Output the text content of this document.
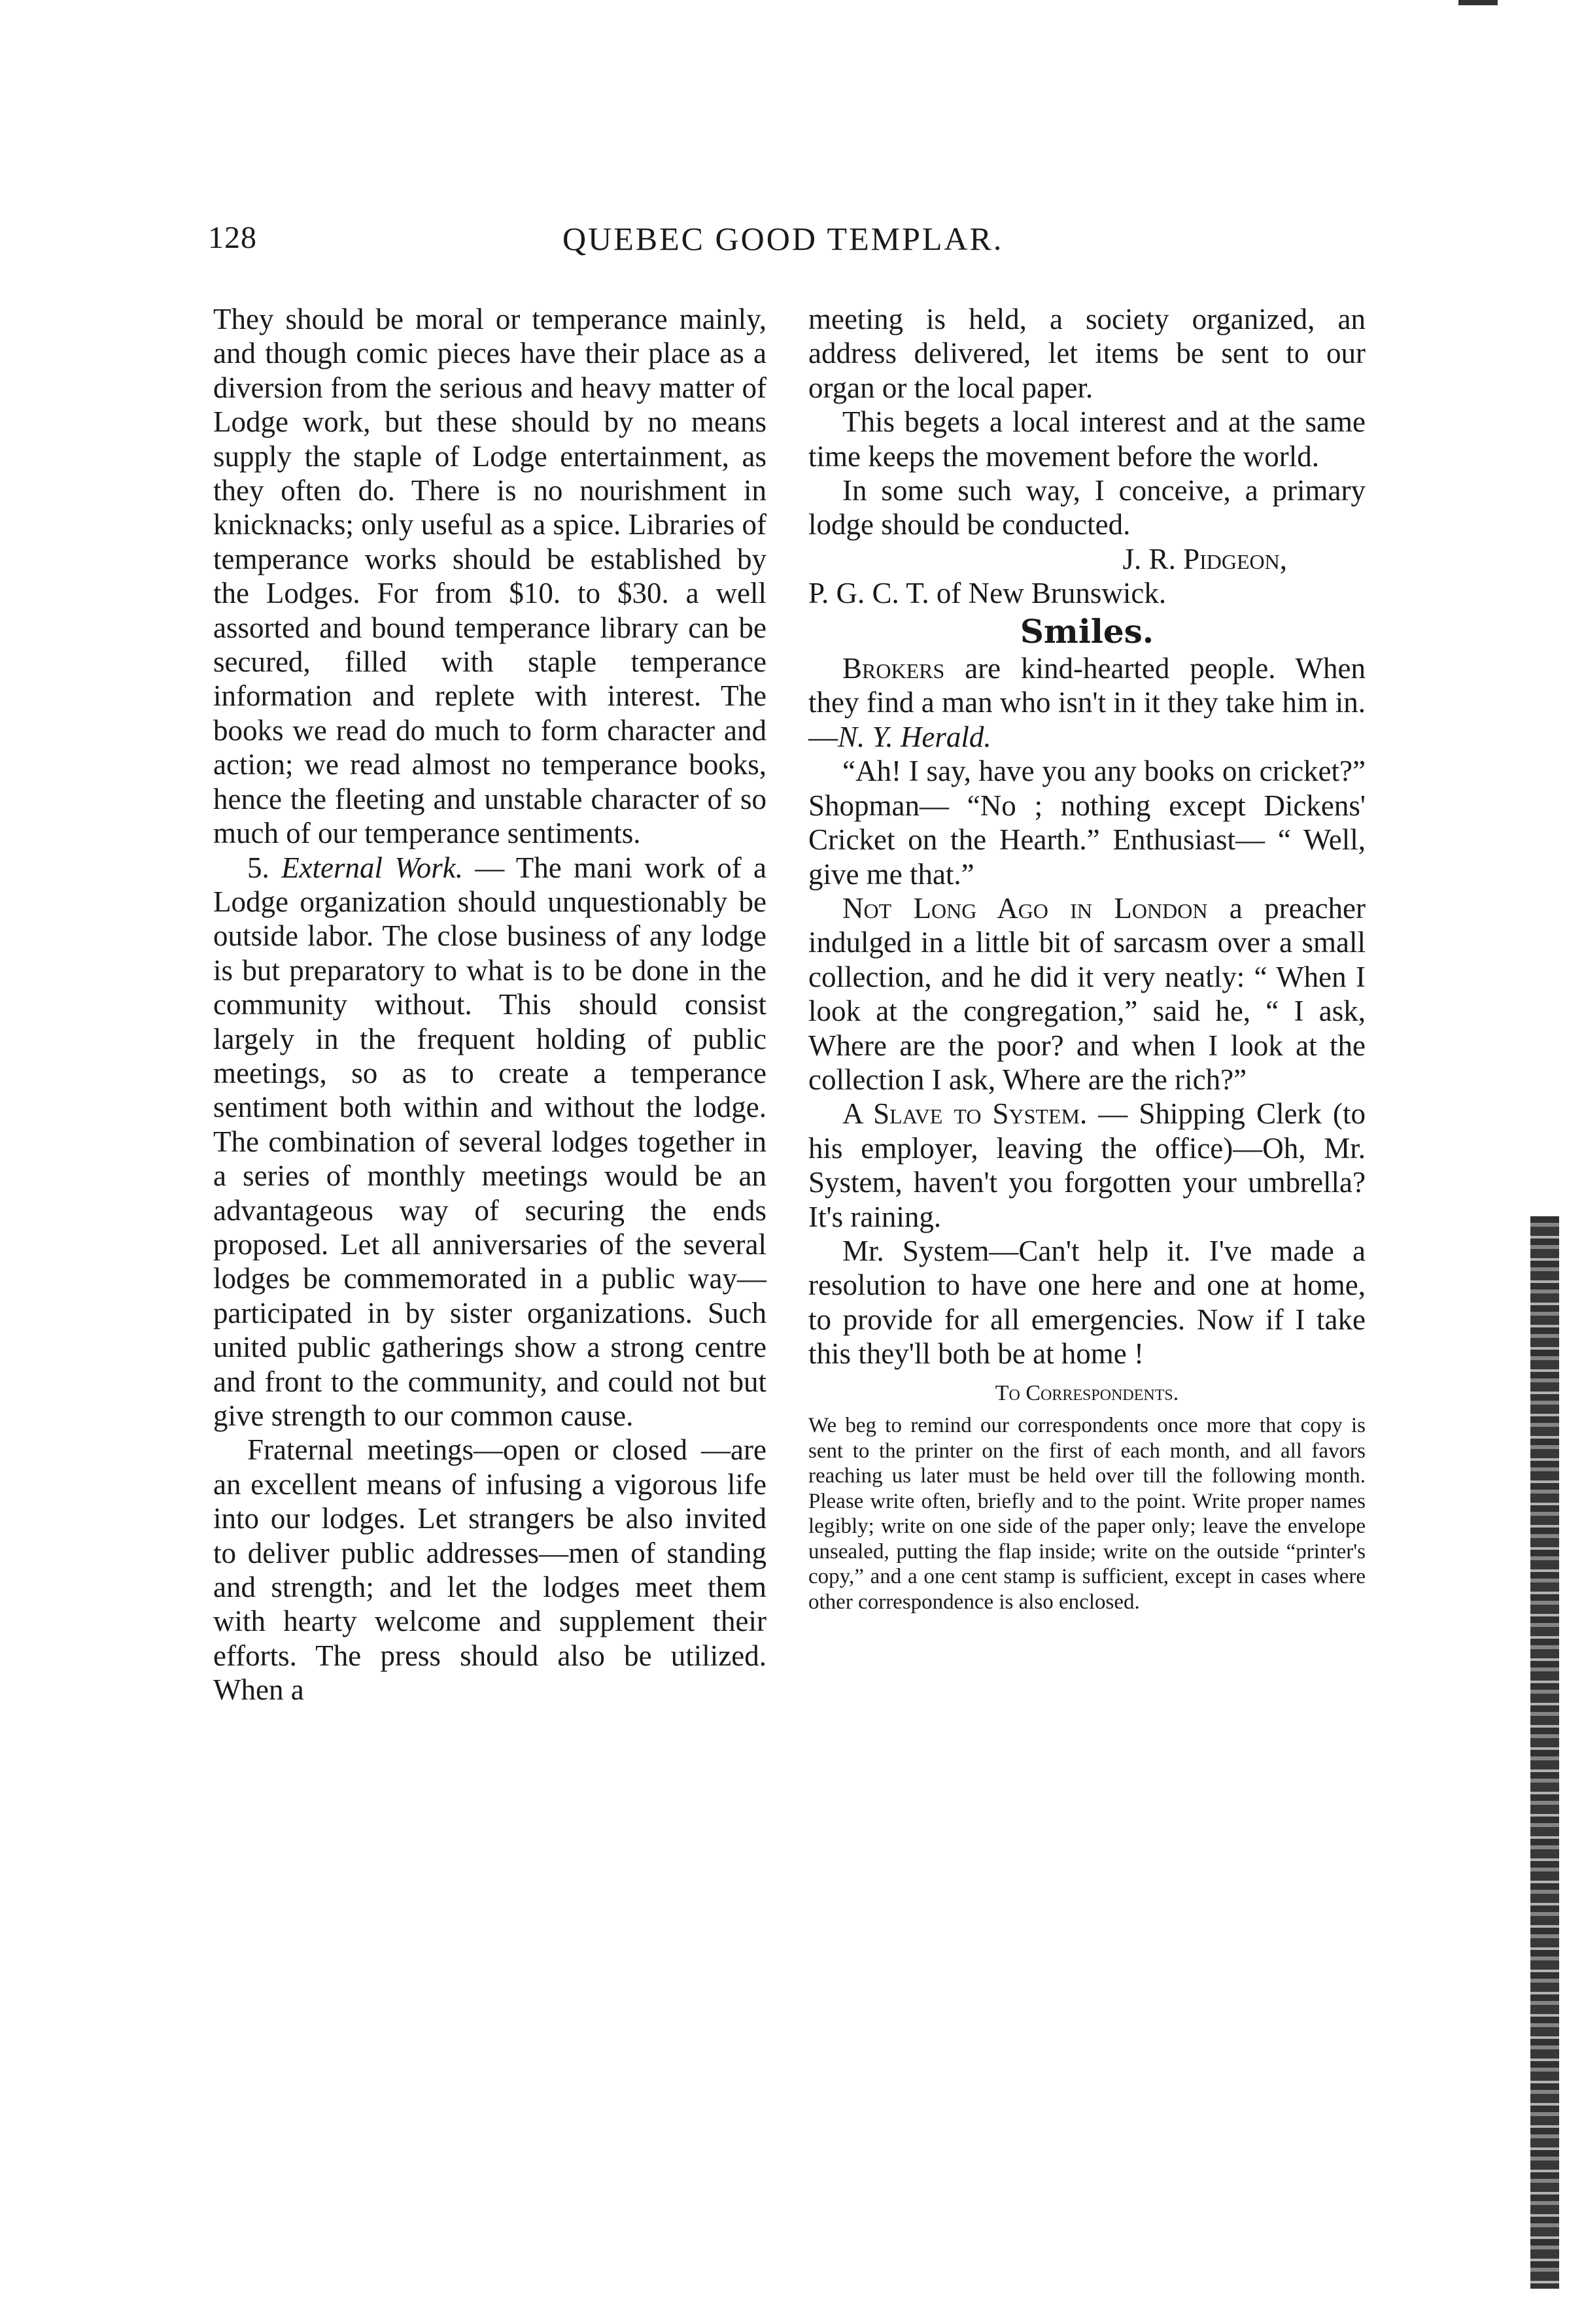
128	QUEBEC GOOD TEMPLAR.

They should be moral or temperance mainly, and though comic pieces have their place as a diversion from the serious and heavy matter of Lodge work, but these should by no means supply the staple of Lodge entertainment, as they often do. There is no nourishment in knicknacks; only useful as a spice. Libraries of temperance works should be established by the Lodges. For from $10. to $30. a well assorted and bound temperance library can be secured, filled with staple temperance information and replete with interest. The books we read do much to form character and action; we read almost no temperance books, hence the fleeting and unstable character of so much of our temperance sentiments.

5. External Work. — The mani work of a Lodge organization should unquestionably be outside labor. The close business of any lodge is but preparatory to what is to be done in the community without. This should consist largely in the frequent holding of public meetings, so as to create a temperance sentiment both within and without the lodge. The combination of several lodges together in a series of monthly meetings would be an advantageous way of securing the ends proposed. Let all anniversaries of the several lodges be commemorated in a public way—participated in by sister organizations. Such united public gatherings show a strong centre and front to the community, and could not but give strength to our common cause.

Fraternal meetings—open or closed —are an excellent means of infusing a vigorous life into our lodges. Let strangers be also invited to deliver public addresses—men of standing and strength; and let the lodges meet them with hearty welcome and supplement their efforts. The press should also be utilized. When a

meeting is held, a society organized, an address delivered, let items be sent to our organ or the local paper.

This begets a local interest and at the same time keeps the movement before the world.

In some such way, I conceive, a primary lodge should be conducted.

J. R. Pidgeon,

P. G. C. T. of New Brunswick.

Smiles.

Brokers are kind-hearted people. When they find a man who isn't in it they take him in.—N. Y. Herald.

“Ah! I say, have you any books on cricket?” Shopman— “No ; nothing except Dickens' Cricket on the Hearth.” Enthusiast— “ Well, give me that.”

Not Long Ago in London a preacher indulged in a little bit of sarcasm over a small collection, and he did it very neatly: “ When I look at the congregation,” said he, “ I ask, Where are the poor? and when I look at the collection I ask, Where are the rich?”

A Slave to System. — Shipping Clerk (to his employer, leaving the office)—Oh, Mr. System, haven't you forgotten your umbrella? It's raining.

Mr. System—Can't help it. I've made a resolution to have one here and one at home, to provide for all emergencies. Now if I take this they'll both be at home !

To Correspondents.

We beg to remind our correspondents once more that copy is sent to the printer on the first of each month, and all favors reaching us later must be held over till the following month. Please write often, briefly and to the point. Write proper names legibly; write on one side of the paper only; leave the envelope unsealed, putting the flap inside; write on the outside “printer's copy,” and a one cent stamp is sufficient, except in cases where other correspondence is also enclosed.
